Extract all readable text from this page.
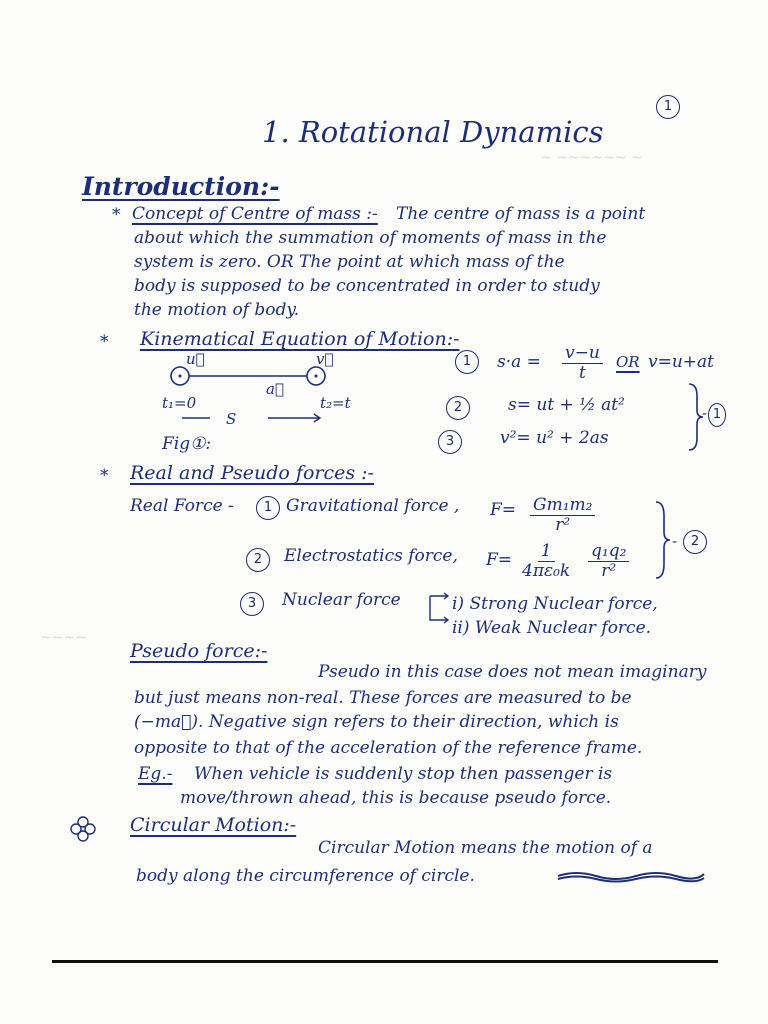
~ ~~~~~~ ~
~~~~
1
1. Rotational Dynamics
Introduction:-
* Concept of Centre of mass :- The centre of mass is a point
about which the summation of moments of mass in the
system is zero. OR The point at which mass of the
body is supposed to be concentrated in order to study
the motion of body.
* Kinematical Equation of Motion:-
u⃗	v⃗
a⃗
t₁=0	t₂=t
S
Fig①:
1	$s\cdot a = \frac{v-u}{t}$ OR v=u+at
2	s= ut + ½ at²
3	v²= u² + 2as
- 1
* Real and Pseudo forces :-
Real Force -	1 Gravitational force , $F= \frac{\text{Gm₁m₂}}{\text{r²}}$
2	Electrostatics force, $F= \frac{1}{\text{4πε₀k}} \frac{\text{q₁q₂}}{\text{r²}}$
-	2
3	Nuclear force	i) Strong Nuclear force,
ii) Weak Nuclear force.
Pseudo force:-
Pseudo in this case does not mean imaginary
but just means non-real. These forces are measured to be
(−ma⃗). Negative sign refers to their direction, which is
opposite to that of the acceleration of the reference frame.
Eg.- When vehicle is suddenly stop then passenger is
move/thrown ahead, this is because pseudo force.
Circular Motion:-
Circular Motion means the motion of a
body along the circumference of circle.
